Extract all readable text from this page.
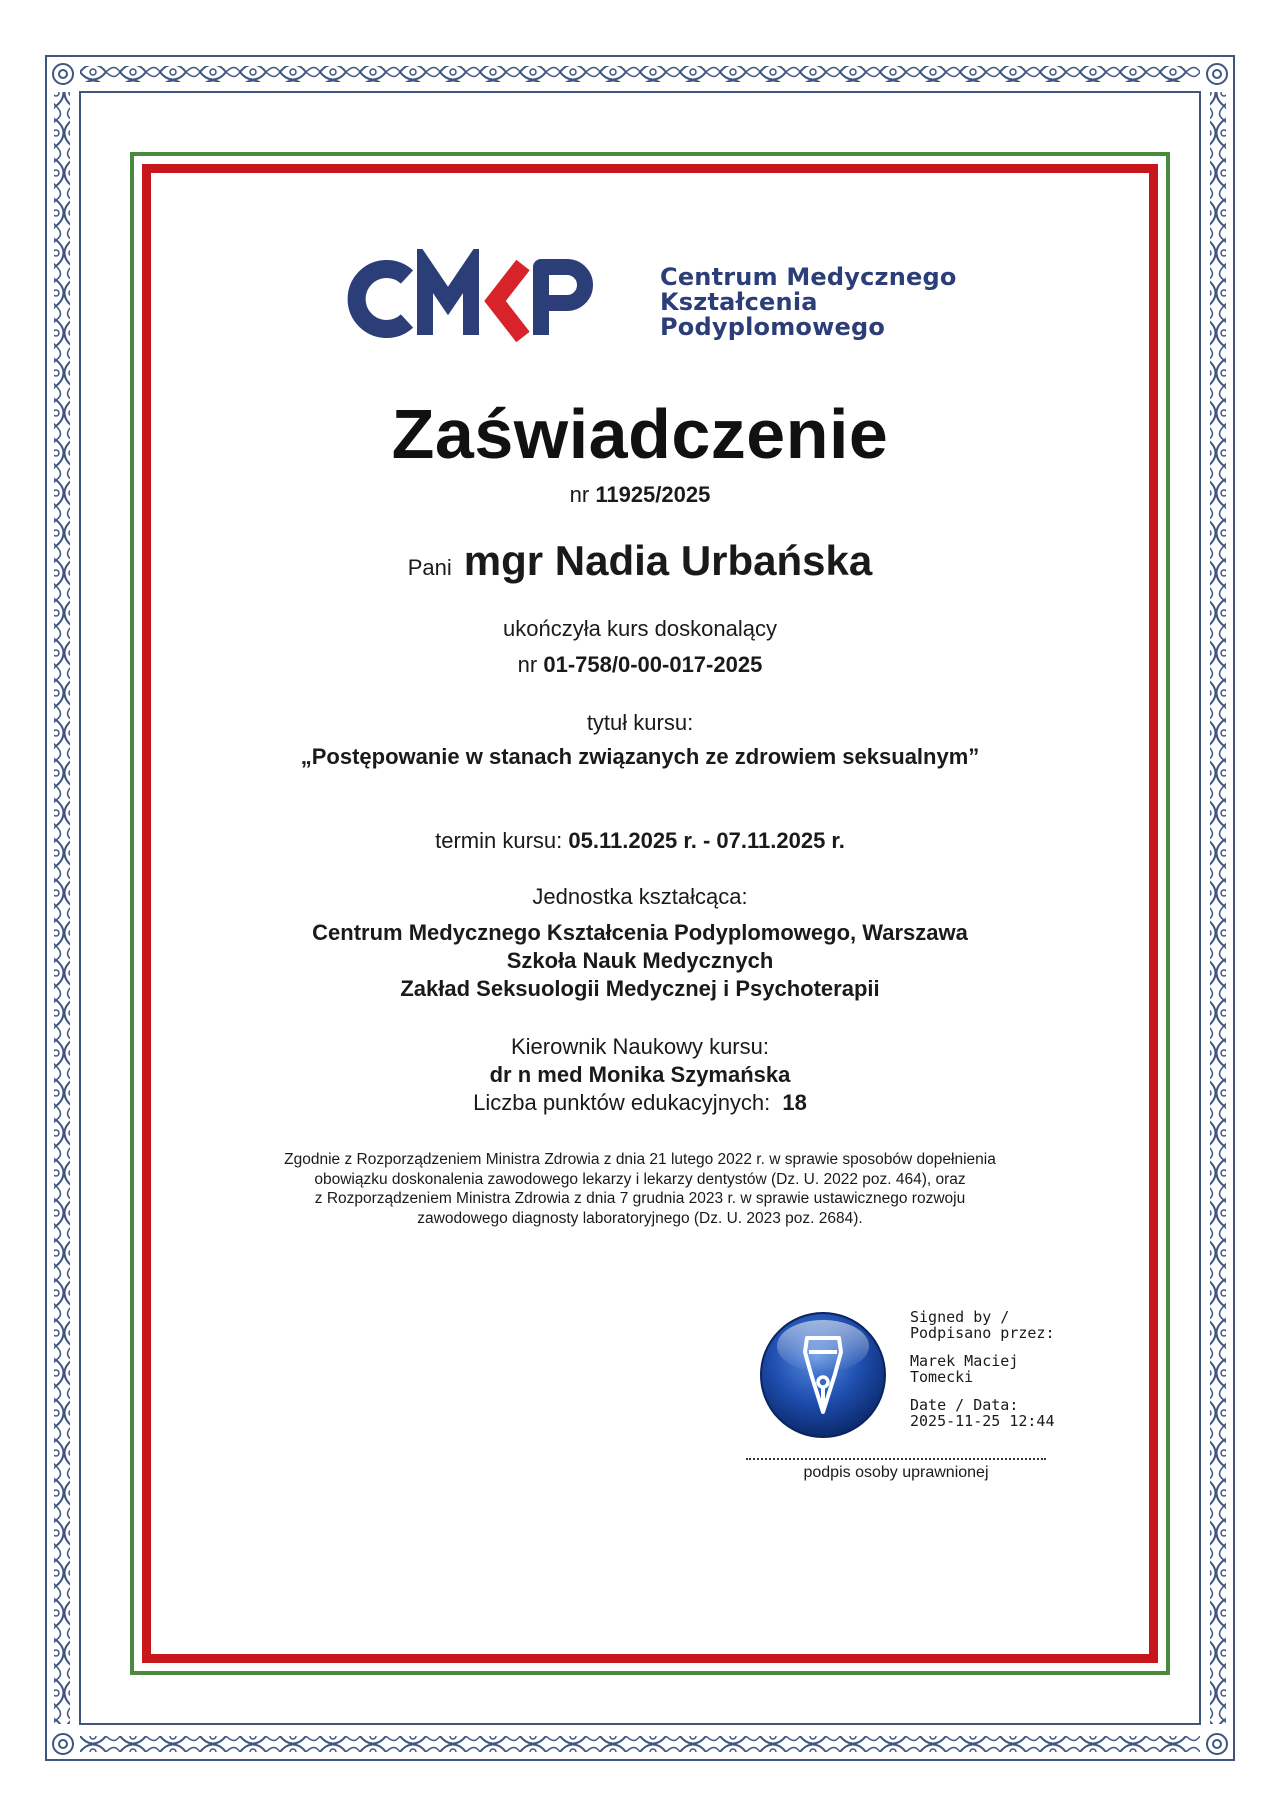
Centrum Medycznego
Kształcenia
Podyplomowego
Zaświadczenie
nr 11925/2025
Pani mgr Nadia Urbańska
ukończyła kurs doskonalący
nr 01-758/0-00-017-2025
tytuł kursu:
„Postępowanie w stanach związanych ze zdrowiem seksualnym”
termin kursu: 05.11.2025 r. - 07.11.2025 r.
Jednostka kształcąca:
Centrum Medycznego Kształcenia Podyplomowego, Warszawa
Szkoła Nauk Medycznych
Zakład Seksuologii Medycznej i Psychoterapii
Kierownik Naukowy kursu:
dr n med Monika Szymańska
Liczba punktów edukacyjnych: 18
Zgodnie z Rozporządzeniem Ministra Zdrowia z dnia 21 lutego 2022 r. w sprawie sposobów dopełnienia
obowiązku doskonalenia zawodowego lekarzy i lekarzy dentystów (Dz. U. 2022 poz. 464), oraz
z Rozporządzeniem Ministra Zdrowia z dnia 7 grudnia 2023 r. w sprawie ustawicznego rozwoju
zawodowego diagnosty laboratoryjnego (Dz. U. 2023 poz. 2684).
Signed by /
Podpisano przez:
Marek Maciej
Tomecki
Date / Data:
2025-11-25 12:44
podpis osoby uprawnionej
